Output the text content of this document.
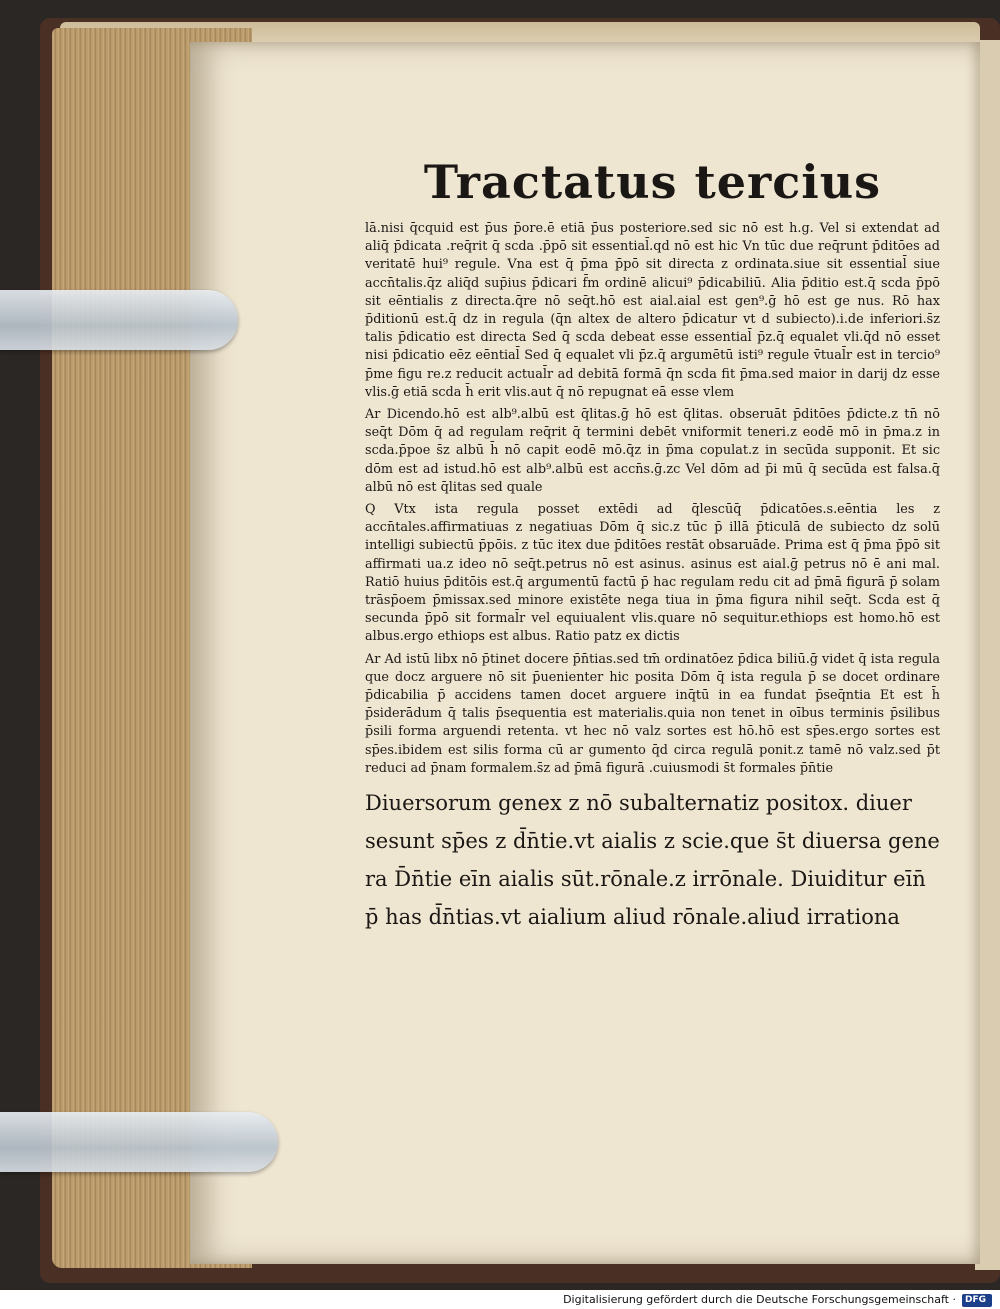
Tractatus tercius

lā.nisi q̄cquid est p̄us p̄ore.ē etiā p̄us posteriore.sed sic nō est h.g. Vel si extendat ad aliq̄ p̄dicata .req̄rit q̄ scda .p̄pō sit essential̄.qd nō est hic Vn tūc due req̄runt p̄ditōes ad veritatē hui⁹ regule. Vna est q̄ p̄ma p̄pō sit directa z ordinata.siue sit essential̄ siue accn̄talis.q̄z aliq̄d sup̄ius p̄dicari f̄m ordinē alicui⁹ p̄dicabiliū. Alia p̄ditio est.q̄ scda p̄pō sit eēntialis z directa.q̄re nō seq̄t.hō est aial.aial est gen⁹.ḡ hō est ge nus. Rō hax p̄ditionū est.q̄ dz in regula (q̄n alteх de altero p̄dicatur vt d subiecto).i.de inferiori.s̄z talis p̄dicatio est directa Sed q̄ scda debeat esse essential̄ p̄z.q̄ equalet vli.q̄d nō esset nisi p̄dicatio eēz eēntial̄ Sed q̄ equalet vli p̄z.q̄ argumētū isti⁹ regule v̄tual̄r est in tercio⁹ p̄me figu re.z reducit actual̄r ad debitā formā q̄n scda fit p̄ma.sed maior in darij dz esse vlis.ḡ etiā scda h̄ erit vlis.aut q̄ nō repugnat eā esse vlem

Ar Dicendo.hō est alb⁹.albū est q̄litas.ḡ hō est q̄litas. obseruāt p̄ditōes p̄dicte.z tn̄ nō seq̄t Dōm q̄ ad regulam req̄rit q̄ termini debēt vniformit teneri.z eodē mō in p̄ma.z in scda.p̄poe s̄z albū h̄ nō capit eodē mō.q̄z in p̄ma copulat.z in secūda supponit. Et sic dōm est ad istud.hō est alb⁹.albū est accn̄s.ḡ.zc Vel dōm ad p̄i mū q̄ secūda est falsa.q̄ albū nō est q̄litas sed quale

Q Vtx ista regula posset extēdi ad q̄lescūq̄ p̄dicatōes.s.eēntia les z accn̄tales.affirmatiuas z negatiuas Dōm q̄ sic.z tūc p̄ illā p̄ticulā de subiecto dz solū intelligi subiectū p̄pōis. z tūc iteх due p̄ditōes restāt obsaruāde. Prima est q̄ p̄ma p̄pō sit affirmati ua.z ideo nō seq̄t.petrus nō est asinus. asinus est aial.ḡ petrus nō ē ani mal. Ratiō huius p̄ditōis est.q̄ argumentū factū p̄ hac regulam redu cit ad p̄mā figurā p̄ solam trāsp̄oem p̄missax.sed minore existēte nega tiua in p̄ma figura nihil seq̄t. Scda est q̄ secunda p̄pō sit formal̄r vel equiualent vlis.quare nō sequitur.ethiops est homo.hō est albus.ergo ethiops est albus. Ratio patz ex dictis

Ar Ad istū libx nō p̄tinet docere p̄n̄tias.sed tm̄ ordinatōez p̄dica biliū.ḡ videt q̄ ista regula que docz arguere nō sit p̄uenienter hic posita Dōm q̄ ista regula p̄ se docet ordinare p̄dicabilia p̄ accidens tamen docet arguere inq̄tū in ea fundat p̄seq̄ntia Et est h̄ p̄siderādum q̄ talis p̄sequentia est materialis.quia non tenet in oībus terminis p̄silibus p̄sili forma arguendi retenta. vt hec nō valz sortes est hō.hō est sp̄es.ergo sortes est sp̄es.ibidem est silis forma cū ar gumento q̄d circa regulā ponit.z tamē nō valz.sed p̄t reduci ad p̄nam formalem.s̄z ad p̄mā figurā .cuiusmodi s̄t formales p̄n̄tie

Diuersorum genex z nō subalternatiz positox. diuer sesunt sp̄es z d̄n̄tie.vt aialis z scie.que s̄t diuersa gene ra D̄n̄tie eīn aialis sūt.rōnale.z irrōnale. Diuiditur eīn̄ p̄ has d̄n̄tias.vt aialium aliud rōnale.aliud irrationa
Digitalisierung gefördert durch die Deutsche Forschungsgemeinschaft · DFG
